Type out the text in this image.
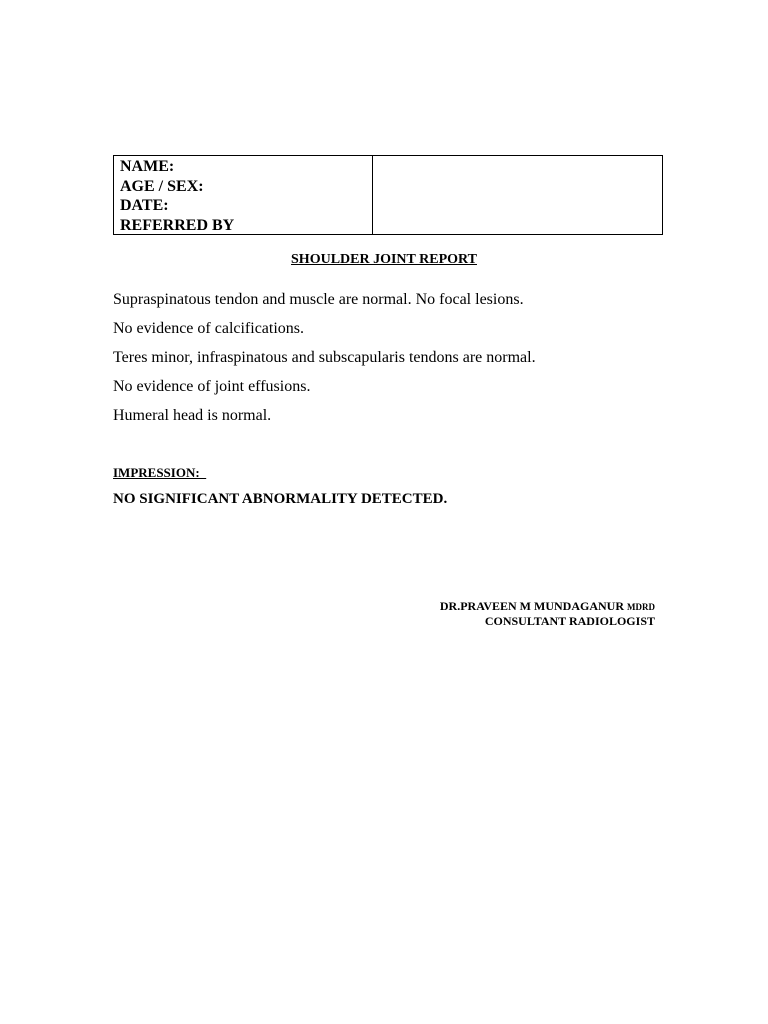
NAME:
AGE / SEX:
DATE:
REFERRED BY
SHOULDER JOINT REPORT
Supraspinatous tendon and muscle are normal. No focal lesions.
No evidence of calcifications.
Teres minor, infraspinatous and subscapularis tendons are normal.
No evidence of joint effusions.
Humeral head is normal.
IMPRESSION:
NO SIGNIFICANT ABNORMALITY DETECTED.
DR.PRAVEEN M MUNDAGANUR MDRD
CONSULTANT RADIOLOGIST
